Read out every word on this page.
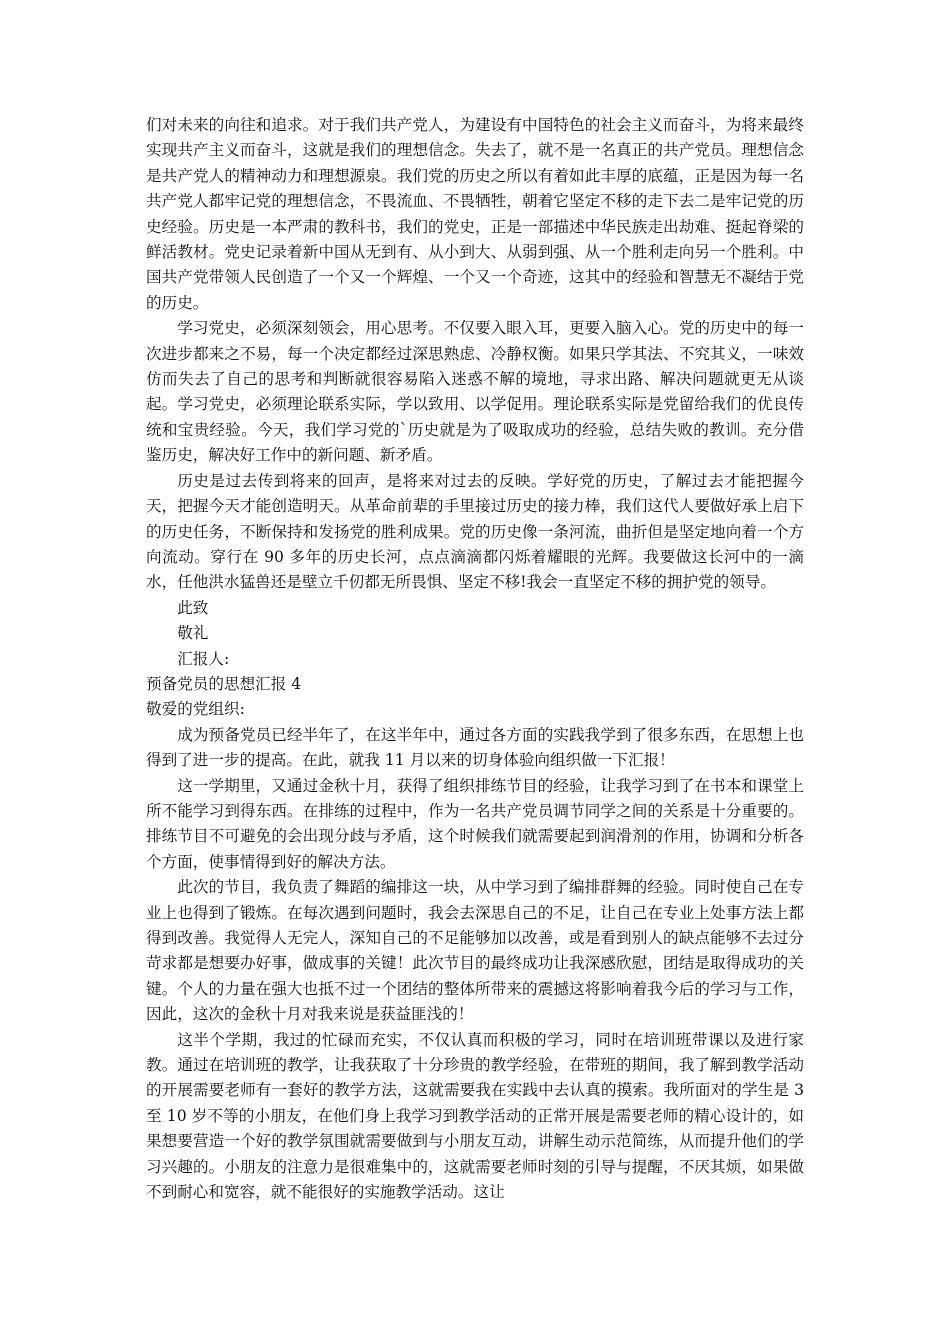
们对未来的向往和追求。对于我们共产党人，为建设有中国特色的社会主义而奋斗，为将来最终实现共产主义而奋斗，这就是我们的理想信念。失去了，就不是一名真正的共产党员。理想信念是共产党人的精神动力和理想源泉。我们党的历史之所以有着如此丰厚的底蕴，正是因为每一名共产党人都牢记党的理想信念，不畏流血、不畏牺牲，朝着它坚定不移的走下去二是牢记党的历史经验。历史是一本严肃的教科书，我们的党史，正是一部描述中华民族走出劫难、挺起脊梁的鲜活教材。党史记录着新中国从无到有、从小到大、从弱到强、从一个胜利走向另一个胜利。中国共产党带领人民创造了一个又一个辉煌、一个又一个奇迹，这其中的经验和智慧无不凝结于党的历史。

学习党史，必须深刻领会，用心思考。不仅要入眼入耳，更要入脑入心。党的历史中的每一次进步都来之不易，每一个决定都经过深思熟虑、冷静权衡。如果只学其法、不究其义，一味效仿而失去了自己的思考和判断就很容易陷入迷惑不解的境地，寻求出路、解决问题就更无从谈起。学习党史，必须理论联系实际，学以致用、以学促用。理论联系实际是党留给我们的优良传统和宝贵经验。今天，我们学习党的`历史就是为了吸取成功的经验，总结失败的教训。充分借鉴历史，解决好工作中的新问题、新矛盾。

历史是过去传到将来的回声，是将来对过去的反映。学好党的历史，了解过去才能把握今天，把握今天才能创造明天。从革命前辈的手里接过历史的接力棒，我们这代人要做好承上启下的历史任务，不断保持和发扬党的胜利成果。党的历史像一条河流，曲折但是坚定地向着一个方向流动。穿行在 90 多年的历史长河，点点滴滴都闪烁着耀眼的光辉。我要做这长河中的一滴水，任他洪水猛兽还是壁立千仞都无所畏惧、坚定不移!我会一直坚定不移的拥护党的领导。

此致

敬礼

汇报人:

预备党员的思想汇报 4

敬爱的党组织:

成为预备党员已经半年了，在这半年中，通过各方面的实践我学到了很多东西，在思想上也得到了进一步的提高。在此，就我 11 月以来的切身体验向组织做一下汇报！

这一学期里，又通过金秋十月，获得了组织排练节目的经验，让我学习到了在书本和课堂上所不能学习到得东西。在排练的过程中，作为一名共产党员调节同学之间的关系是十分重要的。排练节目不可避免的会出现分歧与矛盾，这个时候我们就需要起到润滑剂的作用，协调和分析各个方面，使事情得到好的解决方法。

此次的节目，我负责了舞蹈的编排这一块，从中学习到了编排群舞的经验。同时使自己在专业上也得到了锻炼。在每次遇到问题时，我会去深思自己的不足，让自己在专业上处事方法上都得到改善。我觉得人无完人，深知自己的不足能够加以改善，或是看到别人的缺点能够不去过分苛求都是想要办好事，做成事的关键！此次节目的最终成功让我深感欣慰，团结是取得成功的关键。个人的力量在强大也抵不过一个团结的整体所带来的震撼这将影响着我今后的学习与工作，因此，这次的金秋十月对我来说是获益匪浅的！

这半个学期，我过的忙碌而充实，不仅认真而积极的学习，同时在培训班带课以及进行家教。通过在培训班的教学，让我获取了十分珍贵的教学经验，在带班的期间，我了解到教学活动的开展需要老师有一套好的教学方法，这就需要我在实践中去认真的摸索。我所面对的学生是 3 至 10 岁不等的小朋友，在他们身上我学习到教学活动的正常开展是需要老师的精心设计的，如果想要营造一个好的教学氛围就需要做到与小朋友互动，讲解生动示范简练，从而提升他们的学习兴趣的。小朋友的注意力是很难集中的，这就需要老师时刻的引导与提醒，不厌其烦，如果做不到耐心和宽容，就不能很好的实施教学活动。这让
